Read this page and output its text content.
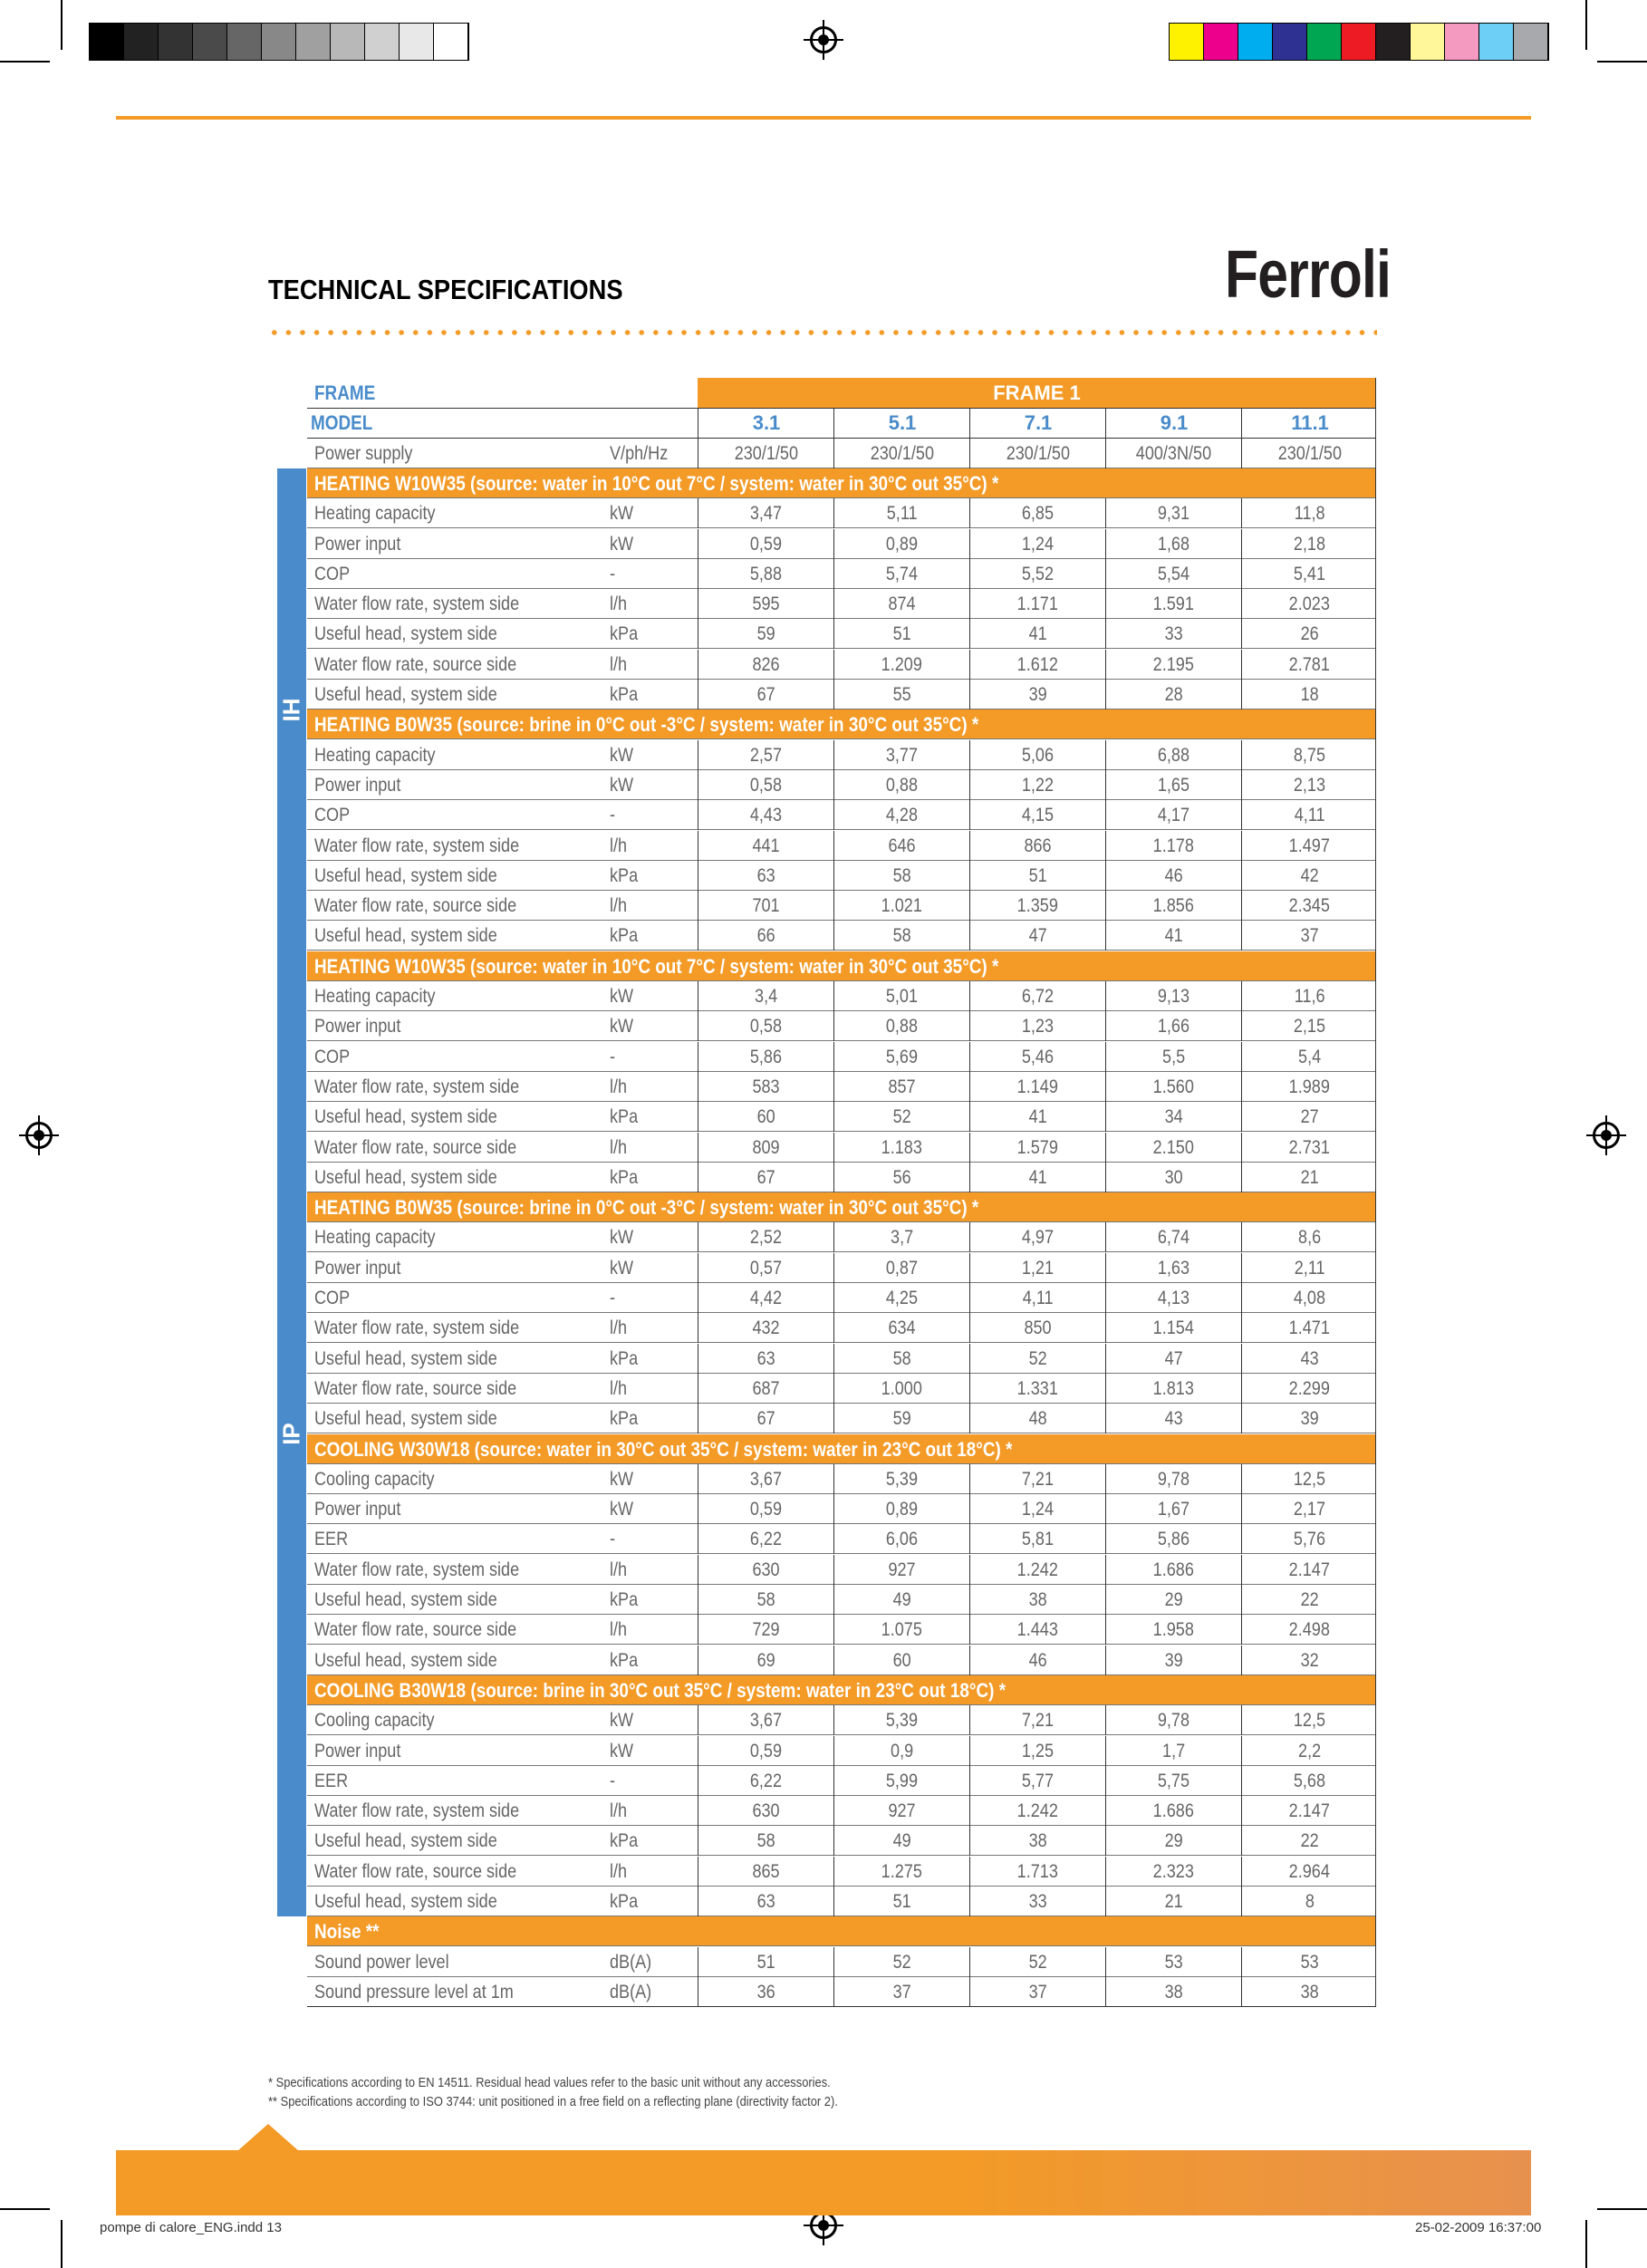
TECHNICAL SPECIFICATIONS	Ferroli
FRAME	FRAME 1
MODEL	3.1	5.1	7.1	9.1	11.1
Power supply	V/ph/Hz	230/1/50	230/1/50	230/1/50	400/3N/50	230/1/50
HEATING W10W35 (source: water in 10°C out 7°C / system: water in 30°C out 35°C) *
Heating capacity	kW	3,47	5,11	6,85	9,31	11,8
Power input	kW	0,59	0,89	1,24	1,68	2,18
COP	-	5,88	5,74	5,52	5,54	5,41
Water flow rate, system side	l/h	595	874	1.171	1.591	2.023
Useful head, system side	kPa	59	51	41	33	26
Water flow rate, source side	l/h	826	1.209	1.612	2.195	2.781
Useful head, system side	kPa	67	55	39	28	18
HEATING B0W35 (source: brine in 0°C out -3°C / system: water in 30°C out 35°C) *
Heating capacity	kW	2,57	3,77	5,06	6,88	8,75
Power input	kW	0,58	0,88	1,22	1,65	2,13
COP	-	4,43	4,28	4,15	4,17	4,11
Water flow rate, system side	l/h	441	646	866	1.178	1.497
Useful head, system side	kPa	63	58	51	46	42
Water flow rate, source side	l/h	701	1.021	1.359	1.856	2.345
Useful head, system side	kPa	66	58	47	41	37
HEATING W10W35 (source: water in 10°C out 7°C / system: water in 30°C out 35°C) *
Heating capacity	kW	3,4	5,01	6,72	9,13	11,6
Power input	kW	0,58	0,88	1,23	1,66	2,15
COP	-	5,86	5,69	5,46	5,5	5,4
Water flow rate, system side	l/h	583	857	1.149	1.560	1.989
Useful head, system side	kPa	60	52	41	34	27
Water flow rate, source side	l/h	809	1.183	1.579	2.150	2.731
Useful head, system side	kPa	67	56	41	30	21
HEATING B0W35 (source: brine in 0°C out -3°C / system: water in 30°C out 35°C) *
Heating capacity	kW	2,52	3,7	4,97	6,74	8,6
Power input	kW	0,57	0,87	1,21	1,63	2,11
COP	-	4,42	4,25	4,11	4,13	4,08
Water flow rate, system side	l/h	432	634	850	1.154	1.471
Useful head, system side	kPa	63	58	52	47	43
Water flow rate, source side	l/h	687	1.000	1.331	1.813	2.299
Useful head, system side	kPa	67	59	48	43	39
COOLING W30W18 (source: water in 30°C out 35°C / system: water in 23°C out 18°C) *
Cooling capacity	kW	3,67	5,39	7,21	9,78	12,5
Power input	kW	0,59	0,89	1,24	1,67	2,17
EER	-	6,22	6,06	5,81	5,86	5,76
Water flow rate, system side	l/h	630	927	1.242	1.686	2.147
Useful head, system side	kPa	58	49	38	29	22
Water flow rate, source side	l/h	729	1.075	1.443	1.958	2.498
Useful head, system side	kPa	69	60	46	39	32
COOLING B30W18 (source: brine in 30°C out 35°C / system: water in 23°C out 18°C) *
Cooling capacity	kW	3,67	5,39	7,21	9,78	12,5
Power input	kW	0,59	0,9	1,25	1,7	2,2
EER	-	6,22	5,99	5,77	5,75	5,68
Water flow rate, system side	l/h	630	927	1.242	1.686	2.147
Useful head, system side	kPa	58	49	38	29	22
Water flow rate, source side	l/h	865	1.275	1.713	2.323	2.964
Useful head, system side	kPa	63	51	33	21	8
Noise **
Sound power level	dB(A)	51	52	52	53	53
Sound pressure level at 1m	dB(A)	36	37	37	38	38
IH
IP
* Specifications according to EN 14511. Residual head values refer to the basic unit without any accessories.
** Specifications according to ISO 3744: unit positioned in a free field on a reflecting plane (directivity factor 2).
pompe di calore_ENG.indd 13	25-02-2009 16:37:00
